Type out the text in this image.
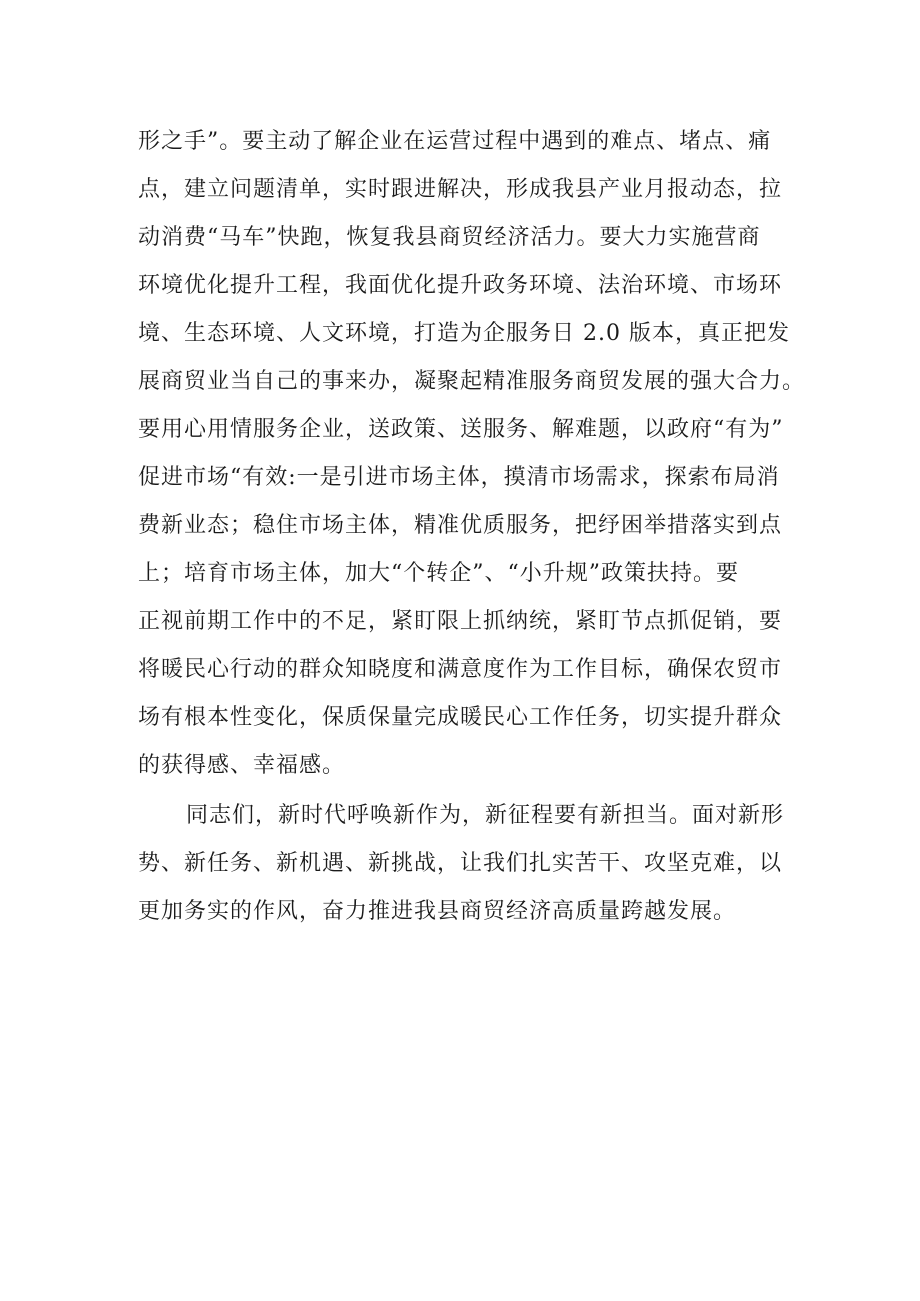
形之手”。要主动了解企业在运营过程中遇到的难点、堵点、痛
点，建立问题清单，实时跟进解决，形成我县产业月报动态，拉
动消费“马车”快跑，恢复我县商贸经济活力。要大力实施营商
环境优化提升工程，我面优化提升政务环境、法治环境、市场环
境、生态环境、人文环境，打造为企服务日 2.0 版本，真正把发
展商贸业当自己的事来办，凝聚起精准服务商贸发展的强大合力。
要用心用情服务企业，送政策、送服务、解难题，以政府“有为”
促进市场“有效:一是引进市场主体，摸清市场需求，探索布局消
费新业态；稳住市场主体，精准优质服务，把纾困举措落实到点
上；培育市场主体，加大“个转企”、“小升规”政策扶持。要
正视前期工作中的不足，紧盯限上抓纳统，紧盯节点抓促销，要
将暖民心行动的群众知晓度和满意度作为工作目标，确保农贸市
场有根本性变化，保质保量完成暖民心工作任务，切实提升群众
的获得感、幸福感。
同志们，新时代呼唤新作为，新征程要有新担当。面对新形
势、新任务、新机遇、新挑战，让我们扎实苦干、攻坚克难，以
更加务实的作风，奋力推进我县商贸经济高质量跨越发展。
